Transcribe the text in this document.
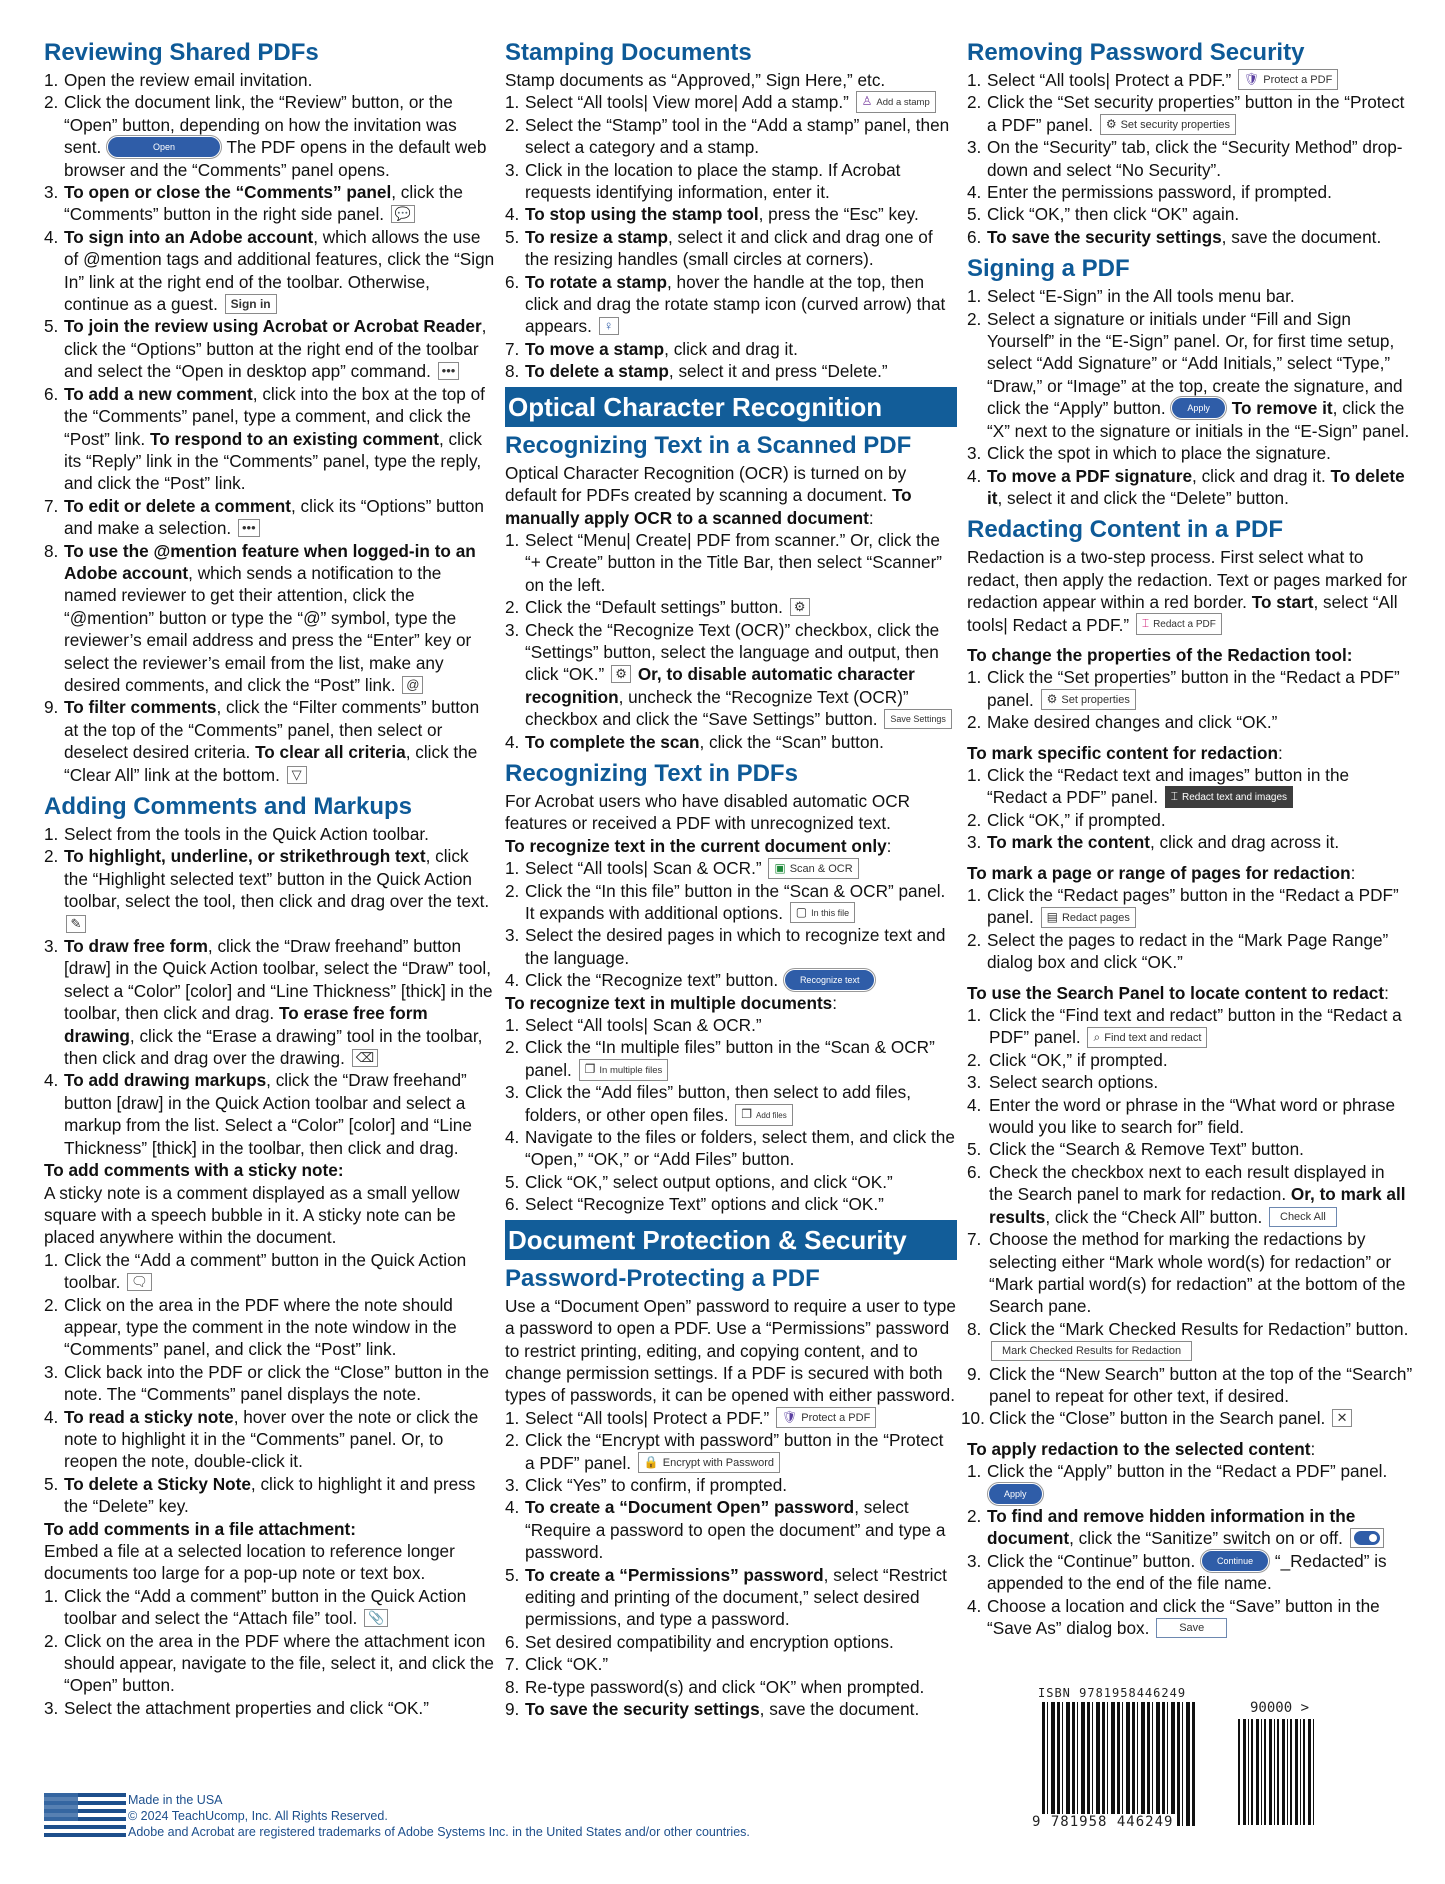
Reviewing Shared PDFs
1. Open the review email invitation.
2. Click the document link, the “Review” button, or the “Open” button, depending on how the invitation was sent.	Open	The PDF opens in the default web browser and the “Comments” panel opens.
3. To open or close the “Comments” panel, click the “Comments” button in the right side panel. 💬
4. To sign into an Adobe account, which allows the use of @mention tags and additional features, click the “Sign In” link at the right end of the toolbar. Otherwise, continue as a guest. Sign in
5. To join the review using Acrobat or Acrobat Reader, click the “Options” button at the right end of the toolbar and select the “Open in desktop app” command. •••
6. To add a new comment, click into the box at the top of the “Comments” panel, type a comment, and click the “Post” link. To respond to an existing comment, click its “Reply” link in the “Comments” panel, type the reply, and click the “Post” link.
7. To edit or delete a comment, click its “Options” button and make a selection. •••
8. To use the @mention feature when logged-in to an Adobe account, which sends a notification to the named reviewer to get their attention, click the “@mention” button or type the “@” symbol, type the reviewer’s email address and press the “Enter” key or select the reviewer’s email from the list, make any desired comments, and click the “Post” link. @
9. To filter comments, click the “Filter comments” button at the top of the “Comments” panel, then select or deselect desired criteria. To clear all criteria, click the “Clear All” link at the bottom. ▽
Adding Comments and Markups
1. Select from the tools in the Quick Action toolbar.
2. To highlight, underline, or strikethrough text, click the “Highlight selected text” button in the Quick Action toolbar, select the tool, then click and drag over the text. ✎
3. To draw free form, click the “Draw freehand” button [draw] in the Quick Action toolbar, select the “Draw” tool, select a “Color” [color] and “Line Thickness” [thick] in the toolbar, then click and drag. To erase free form drawing, click the “Erase a drawing” tool in the toolbar, then click and drag over the drawing. ⌫
4. To add drawing markups, click the “Draw freehand” button [draw] in the Quick Action toolbar and select a markup from the list. Select a “Color” [color] and “Line Thickness” [thick] in the toolbar, then click and drag.
To add comments with a sticky note:

A sticky note is a comment displayed as a small yellow square with a speech bubble in it. A sticky note can be placed anywhere within the document.

1. Click the “Add a comment” button in the Quick Action toolbar. 🗨
2. Click on the area in the PDF where the note should appear, type the comment in the note window in the “Comments” panel, and click the “Post” link.
3. Click back into the PDF or click the “Close” button in the note. The “Comments” panel displays the note.
4. To read a sticky note, hover over the note or click the note to highlight it in the “Comments” panel. Or, to reopen the note, double-click it.
5. To delete a Sticky Note, click to highlight it and press the “Delete” key.
To add comments in a file attachment:

Embed a file at a selected location to reference longer documents too large for a pop-up note or text box.

1. Click the “Add a comment” button in the Quick Action toolbar and select the “Attach file” tool. 📎
2. Click on the area in the PDF where the attachment icon should appear, navigate to the file, select it, and click the “Open” button.
3. Select the attachment properties and click “OK.”
Stamping Documents

Stamp documents as “Approved,” Sign Here,” etc.

1. Select “All tools| View more| Add a stamp.” ♙ Add a stamp
2. Select the “Stamp” tool in the “Add a stamp” panel, then select a category and a stamp.
3. Click in the location to place the stamp. If Acrobat requests identifying information, enter it.
4. To stop using the stamp tool, press the “Esc” key.
5. To resize a stamp, select it and click and drag one of the resizing handles (small circles at corners).
6. To rotate a stamp, hover the handle at the top, then click and drag the rotate stamp icon (curved arrow) that appears. ♀
7. To move a stamp, click and drag it.
8. To delete a stamp, select it and press “Delete.”
Optical Character Recognition
Recognizing Text in a Scanned PDF

Optical Character Recognition (OCR) is turned on by default for PDFs created by scanning a document. To manually apply OCR to a scanned document:

1. Select “Menu| Create| PDF from scanner.” Or, click the “+ Create” button in the Title Bar, then select “Scanner” on the left.
2. Click the “Default settings” button. ⚙
3. Check the “Recognize Text (OCR)” checkbox, click the “Settings” button, select the language and output, then click “OK.” ⚙ Or, to disable automatic character recognition, uncheck the “Recognize Text (OCR)” checkbox and click the “Save Settings” button. Save Settings
4. To complete the scan, click the “Scan” button.
Recognizing Text in PDFs

For Acrobat users who have disabled automatic OCR features or received a PDF with unrecognized text.

To recognize text in the current document only:
1. Select “All tools| Scan & OCR.” ▣ Scan & OCR
2. Click the “In this file” button in the “Scan & OCR” panel. It expands with additional options. ▢ In this file
3. Select the desired pages in which to recognize text and the language.
4. Click the “Recognize text” button. Recognize text
To recognize text in multiple documents:
1. Select “All tools| Scan & OCR.”
2. Click the “In multiple files” button in the “Scan & OCR” panel. ❐ In multiple files
3. Click the “Add files” button, then select to add files, folders, or other open files. ❐ Add files
4. Navigate to the files or folders, select them, and click the “Open,” “OK,” or “Add Files” button.
5. Click “OK,” select output options, and click “OK.”
6. Select “Recognize Text” options and click “OK.”
Document Protection & Security
Password-Protecting a PDF

Use a “Document Open” password to require a user to type a password to open a PDF. Use a “Permissions” password to restrict printing, editing, and copying content, and to change permission settings. If a PDF is secured with both types of passwords, it can be opened with either password.

1. Select “All tools| Protect a PDF.” 🛡 Protect a PDF
2. Click the “Encrypt with password” button in the “Protect a PDF” panel. 🔒 Encrypt with Password
3. Click “Yes” to confirm, if prompted.
4. To create a “Document Open” password, select “Require a password to open the document” and type a password.
5. To create a “Permissions” password, select “Restrict editing and printing of the document,” select desired permissions, and type a password.
6. Set desired compatibility and encryption options.
7. Click “OK.”
8. Re-type password(s) and click “OK” when prompted.
9. To save the security settings, save the document.
Removing Password Security
1. Select “All tools| Protect a PDF.” 🛡 Protect a PDF
2. Click the “Set security properties” button in the “Protect a PDF” panel. ⚙ Set security properties
3. On the “Security” tab, click the “Security Method” drop-down and select “No Security”.
4. Enter the permissions password, if prompted.
5. Click “OK,” then click “OK” again.
6. To save the security settings, save the document.
Signing a PDF
1. Select “E-Sign” in the All tools menu bar.
2. Select a signature or initials under “Fill and Sign Yourself” in the “E-Sign” panel. Or, for first time setup, select “Add Signature” or “Add Initials,” select “Type,” “Draw,” or “Image” at the top, create the signature, and click the “Apply” button. Apply To remove it, click the “X” next to the signature or initials in the “E-Sign” panel.
3. Click the spot in which to place the signature.
4. To move a PDF signature, click and drag it. To delete it, select it and click the “Delete” button.
Redacting Content in a PDF

Redaction is a two-step process. First select what to redact, then apply the redaction. Text or pages marked for redaction appear within a red border. To start, select “All tools| Redact a PDF.” ⌶ Redact a PDF

To change the properties of the Redaction tool:
1. Click the “Set properties” button in the “Redact a PDF” panel. ⚙ Set properties
2. Make desired changes and click “OK.”
To mark specific content for redaction:
1. Click the “Redact text and images” button in the “Redact a PDF” panel. ⌶ Redact text and images
2. Click “OK,” if prompted.
3. To mark the content, click and drag across it.
To mark a page or range of pages for redaction:
1. Click the “Redact pages” button in the “Redact a PDF” panel. ▤ Redact pages
2. Select the pages to redact in the “Mark Page Range” dialog box and click “OK.”
To use the Search Panel to locate content to redact:
1. Click the “Find text and redact” button in the “Redact a PDF” panel. ⌕ Find text and redact
2. Click “OK,” if prompted.
3. Select search options.
4. Enter the word or phrase in the “What word or phrase would you like to search for” field.
5. Click the “Search & Remove Text” button.
6. Check the checkbox next to each result displayed in the Search panel to mark for redaction. Or, to mark all results, click the “Check All” button. Check All
7. Choose the method for marking the redactions by selecting either “Mark whole word(s) for redaction” or “Mark partial word(s) for redaction” at the bottom of the Search pane.
8. Click the “Mark Checked Results for Redaction” button. Mark Checked Results for Redaction
9. Click the “New Search” button at the top of the “Search” panel to repeat for other text, if desired.
10. Click the “Close” button in the Search panel. ✕
To apply redaction to the selected content:
1. Click the “Apply” button in the “Redact a PDF” panel. Apply
2. To find and remove hidden information in the document, click the “Sanitize” switch on or off.
3. Click the “Continue” button. Continue “_Redacted” is appended to the end of the file name.
4. Choose a location and click the “Save” button in the “Save As” dialog box.	Save
ISBN 9781958446249
90000 >
9 781958 446249
Made in the USA
© 2024 TeachUcomp, Inc. All Rights Reserved.
Adobe and Acrobat are registered trademarks of Adobe Systems Inc. in the United States and/or other countries.
